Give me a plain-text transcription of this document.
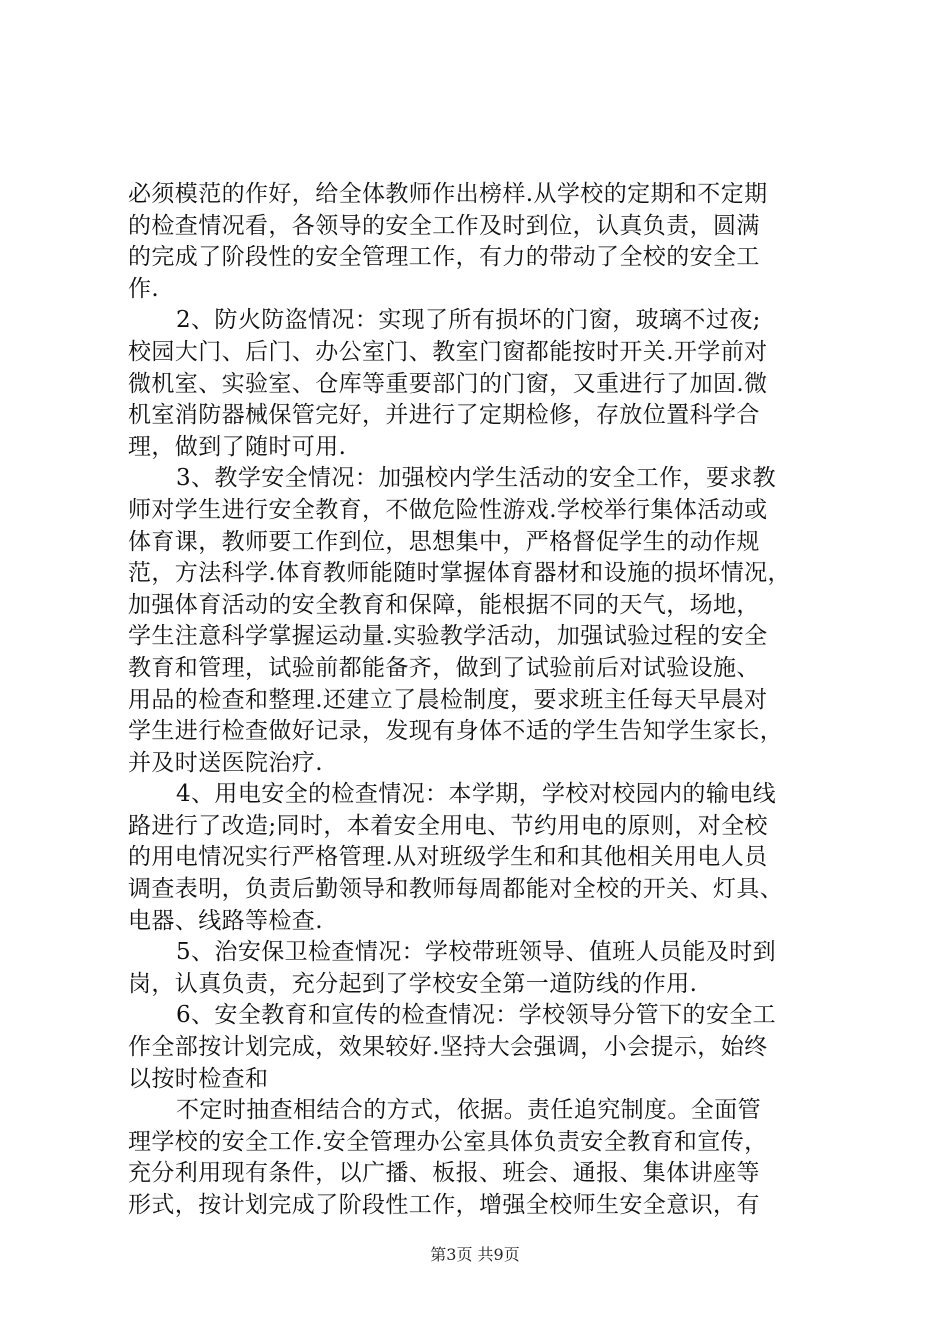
必须模范的作好，给全体教师作出榜样.从学校的定期和不定期
的检查情况看，各领导的安全工作及时到位，认真负责，圆满
的完成了阶段性的安全管理工作，有力的带动了全校的安全工
作.
2、防火防盗情况：实现了所有损坏的门窗，玻璃不过夜;
校园大门、后门、办公室门、教室门窗都能按时开关.开学前对
微机室、实验室、仓库等重要部门的门窗，又重进行了加固.微
机室消防器械保管完好，并进行了定期检修，存放位置科学合
理，做到了随时可用.
3、教学安全情况：加强校内学生活动的安全工作，要求教
师对学生进行安全教育，不做危险性游戏.学校举行集体活动或
体育课，教师要工作到位，思想集中，严格督促学生的动作规
范，方法科学.体育教师能随时掌握体育器材和设施的损坏情况，
加强体育活动的安全教育和保障，能根据不同的天气，场地，
学生注意科学掌握运动量.实验教学活动，加强试验过程的安全
教育和管理，试验前都能备齐，做到了试验前后对试验设施、
用品的检查和整理.还建立了晨检制度，要求班主任每天早晨对
学生进行检查做好记录，发现有身体不适的学生告知学生家长，
并及时送医院治疗.
4、用电安全的检查情况：本学期，学校对校园内的输电线
路进行了改造;同时，本着安全用电、节约用电的原则，对全校
的用电情况实行严格管理.从对班级学生和和其他相关用电人员
调查表明，负责后勤领导和教师每周都能对全校的开关、灯具、
电器、线路等检查.
5、治安保卫检查情况：学校带班领导、值班人员能及时到
岗，认真负责，充分起到了学校安全第一道防线的作用.
6、安全教育和宣传的检查情况：学校领导分管下的安全工
作全部按计划完成，效果较好.坚持大会强调，小会提示，始终
以按时检查和
不定时抽查相结合的方式，依据。责任追究制度。全面管
理学校的安全工作.安全管理办公室具体负责安全教育和宣传，
充分利用现有条件，以广播、板报、班会、通报、集体讲座等
形式，按计划完成了阶段性工作，增强全校师生安全意识，有
第3页 共9页
